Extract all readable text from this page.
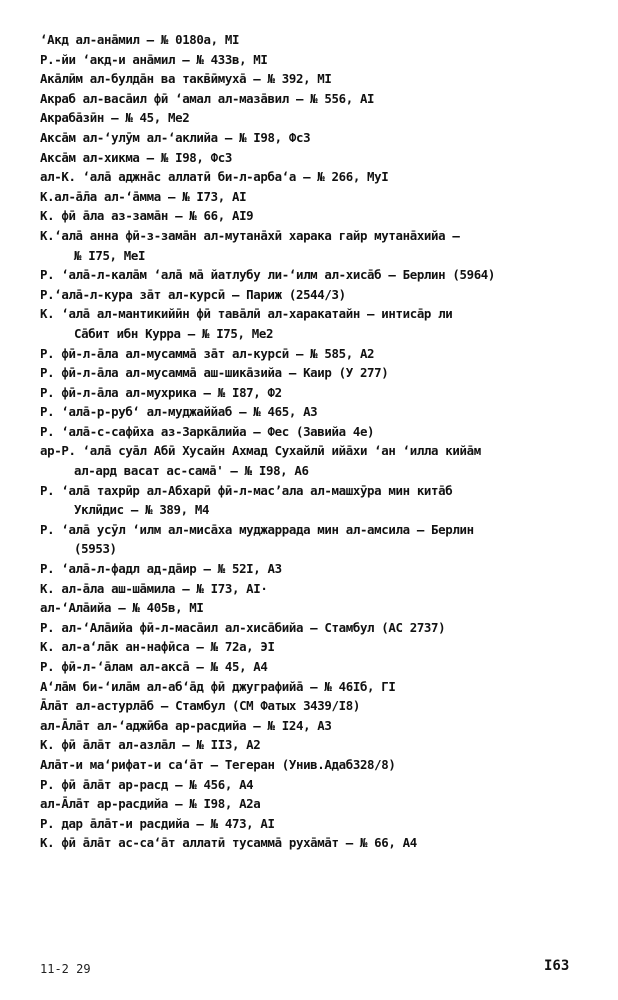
ʻАкд ал-анāмил – № 0180а, МI
Р.-йи ʻакд-и анāмил – № 433в, МI
Акāлӣм ал-булдāн ва такв̄ӣмухā – № 392, МI
Акраб ал-васāил фӣ ʻамал ал-мазāвил – № 556, АI
Акрабāзӣн – № 45, Ме2
Аксāм ал-ʻулӯм ал-ʻаклийа – № I98, Фс3
Аксāм ал-хикма – № I98, Фс3
ал-К. ʻалā аджнāс аллатӣ би-л-арбаʻа – № 266, МуI
К.ал-ā̄ла ал-ʻāмма – № I73, АI
К. фӣ āла аз-замāн – № 66, АI9
К.ʻалā анна фӣ-з-замāн ал-мутанāхӣ харака гайр мутанāхийа –
№ I75, МеI
Р. ʻалā-л-калāм ʻалā мā йатлубу ли-ʻилм ал-хисāб – Берлин (5964)
Р.ʻалā-л-кура зāт ал-курсӣ – Париж (2544/3)
К. ʻалā ал-мантикийӣн фӣ тавāлӣ ал-харакатайн – интисāр ли
Сāбит ибн Курра – № I75, Ме2
Р. фӣ-л-āла ал-мусаммā зāт ал-курсӣ – № 585, А2
Р. фӣ-л-āла ал-мусаммā аш-шикāзийа – Каир (У 277)
Р. фӣ-л-āла ал-мухрика – № I87, Ф2
Р. ʻалā-р-рубʻ ал-муджаййаб – № 465, А3
Р. ʻалā-с-сафӣха аз-Заркāлийа – Фес (Завийа 4е)
ар-Р. ʻалā суāл Абӣ Хусайн Ахмад Сухайлӣ ийāхи ʻан ʻилла кийāм
ал-ард васат ас-самā' – № I98, А6
Р. ʻалā тахрӣр ал-Абхарӣ фӣ-л-масʼала ал-машхӯра мин китāб
Уклӣдис – № 389, М4
Р. ʻалā усӯл ʻилм ал-мисāха муджаррада мин ал-амсила – Берлин
(5953)
Р. ʻалā-л-фадл ад-дāир – № 52I, А3
К. ал-āла аш-шāмила – № I73, АI·
ал-ʻАлāийа – № 405в, МI
Р. ал-ʻАлāийа фӣ-л-масāил ал-хисāбийа – Стамбул (АС 2737)
К. ал-аʻлāк ан-нафӣса – № 72а, ЭI
Р. фӣ-л-ʻāлам ал-аксā – № 45, А4
Аʻлāм би-ʻилāм ал-абʻāд фӣ джуграфийā – № 46Iб, ГI
Āлāт ал-астурлāб – Стамбул (СМ Фатых 3439/I8)
ал-Āлāт ал-ʻаджӣба ар-расдийа – № I24, А3
К. фӣ āлāт ал-азлāл – № II3, А2
Алāт-и маʻрифат-и саʻāт – Тегеран (Унив.Адаб328/8)
Р. фӣ āлāт ар-расд – № 456, А4
ал-Āлāт ар-расдийа – № I98, А2а
Р. дар āлāт-и расдийа – № 473, АI
К. фӣ āлāт ас-саʻāт аллатӣ тусаммā рухāмāт – № 66, А4
11-2 29	I63
